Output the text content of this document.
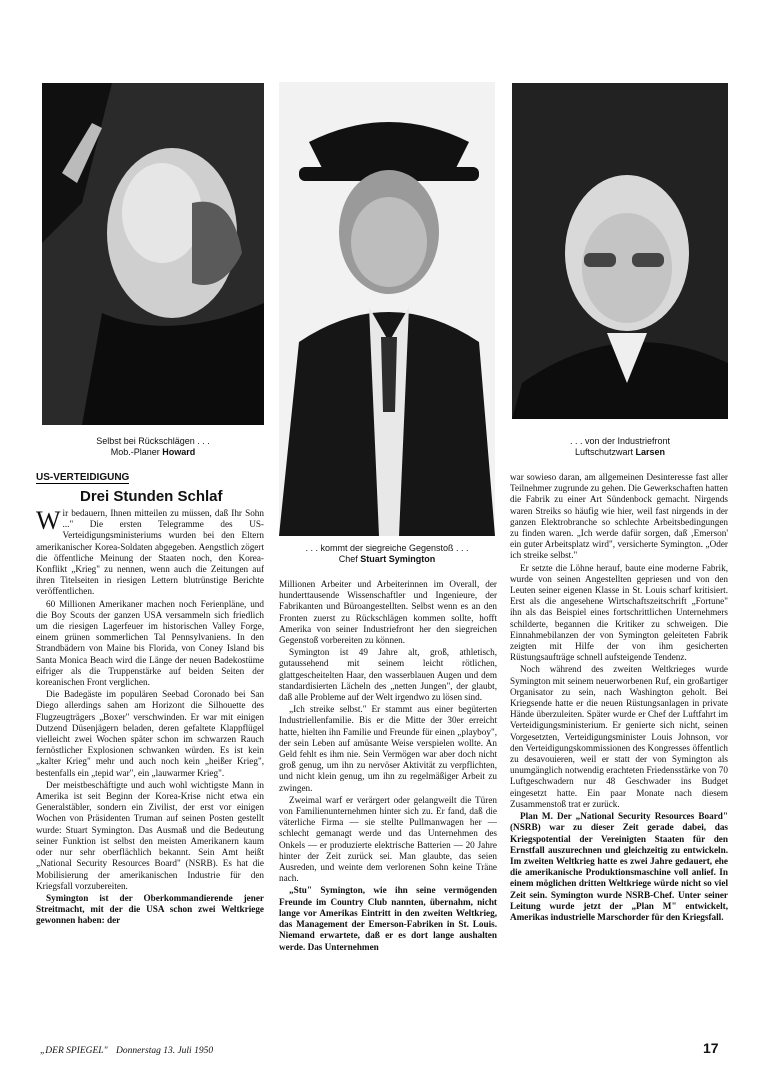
Selbst bei Rückschlägen . . .
Mob.-Planer Howard
. . . kommt der siegreiche Gegenstoß . . .
Chef Stuart Symington
. . . von der Industriefront
Luftschutzwart Larsen
US-VERTEIDIGUNG
Drei Stunden Schlaf

Wir bedauern, Ihnen mitteilen zu müssen, daß Ihr Sohn ..." Die ersten Telegramme des US-Verteidigungsministeriums wurden bei den Eltern amerikanischer Korea-Soldaten abgegeben. Aengstlich zögert die öffentliche Meinung der Staaten noch, den Korea-Konflikt „Krieg" zu nennen, wenn auch die Zeitungen auf ihren Titelseiten in riesigen Lettern blutrünstige Berichte veröffentlichen.

60 Millionen Amerikaner machen noch Ferienpläne, und die Boy Scouts der ganzen USA versammeln sich friedlich um die riesigen Lagerfeuer im historischen Valley Forge, einem grünen sommerlichen Tal Pennsylvaniens. In den Strandbädern von Maine bis Florida, von Coney Island bis Santa Monica Beach wird die Länge der neuen Badekostüme eifriger als die Truppenstärke auf beiden Seiten der koreanischen Front verglichen.

Die Badegäste im populären Seebad Coronado bei San Diego allerdings sahen am Horizont die Silhouette des Flugzeugträgers „Boxer" verschwinden. Er war mit einigen Dutzend Düsenjägern beladen, deren gefaltete Klappflügel vielleicht zwei Wochen später schon im schwarzen Rauch fernöstlicher Explosionen schwanken würden. Es ist kein „kalter Krieg" mehr und auch noch kein „heißer Krieg", bestenfalls ein „tepid war", ein „lauwarmer Krieg".

Der meistbeschäftigte und auch wohl wichtigste Mann in Amerika ist seit Beginn der Korea-Krise nicht etwa ein Generalstäbler, sondern ein Zivilist, der erst vor einigen Wochen von Präsidenten Truman auf seinen Posten gestellt wurde: Stuart Symington. Das Ausmaß und die Bedeutung seiner Funktion ist selbst den meisten Amerikanern kaum oder nur sehr oberflächlich bekannt. Sein Amt heißt „National Security Resources Board" (NSRB). Es hat die Mobilisierung der amerikanischen Industrie für den Kriegsfall vorzubereiten.

Symington ist der Oberkommandierende jener Streitmacht, mit der die USA schon zwei Weltkriege gewonnen haben: der

Millionen Arbeiter und Arbeiterinnen im Overall, der hunderttausende Wissenschaftler und Ingenieure, der Fabrikanten und Büroangestellten. Selbst wenn es an den Fronten zuerst zu Rückschlägen kommen sollte, hofft Amerika von seiner Industriefront her den siegreichen Gegenstoß vorbereiten zu können.

Symington ist 49 Jahre alt, groß, athletisch, gutaussehend mit seinem leicht rötlichen, glattgescheitelten Haar, den wasserblauen Augen und dem standardisierten Lächeln des „netten Jungen", der glaubt, daß alle Probleme auf der Welt irgendwo zu lösen sind.

„Ich streike selbst." Er stammt aus einer begüterten Industriellenfamilie. Bis er die Mitte der 30er erreicht hatte, hielten ihn Familie und Freunde für einen „playboy", der sein Leben auf amüsante Weise verspielen wollte. An Geld fehlt es ihm nie. Sein Vermögen war aber doch nicht groß genug, um ihn zu nervöser Aktivität zu verpflichten, und nicht klein genug, um ihn zu regelmäßiger Arbeit zu zwingen.

Zweimal warf er verärgert oder gelangweilt die Türen von Familienunternehmen hinter sich zu. Er fand, daß die väterliche Firma — sie stellte Pullmanwagen her — schlecht gemanagt werde und das Unternehmen des Onkels — er produzierte elektrische Batterien — 20 Jahre hinter der Zeit zurück sei. Man glaubte, das seien Ausreden, und weinte dem verlorenen Sohn keine Träne nach.

„Stu" Symington, wie ihn seine vermögenden Freunde im Country Club nannten, übernahm, nicht lange vor Amerikas Eintritt in den zweiten Weltkrieg, das Management der Emerson-Fabriken in St. Louis. Niemand erwartete, daß er es dort lange aushalten werde. Das Unternehmen

war sowieso daran, am allgemeinen Desinteresse fast aller Teilnehmer zugrunde zu gehen. Die Gewerkschaften hatten die Fabrik zu einer Art Sündenbock gemacht. Nirgends waren Streiks so häufig wie hier, weil fast nirgends in der ganzen Elektrobranche so schlechte Arbeitsbedingungen zu finden waren. „Ich werde dafür sorgen, daß ‚Emerson' ein guter Arbeitsplatz wird", versicherte Symington. „Oder ich streike selbst."

Er setzte die Löhne herauf, baute eine moderne Fabrik, wurde von seinen Angestellten gepriesen und von den Leuten seiner eigenen Klasse in St. Louis scharf kritisiert. Erst als die angesehene Wirtschaftszeitschrift „Fortune" ihn als das Beispiel eines fortschrittlichen Unternehmers schilderte, begannen die Kritiker zu schweigen. Die Einnahmebilanzen der von Symington geleiteten Fabrik zeigten mit Hilfe der von ihm gesicherten Rüstungsaufträge schnell aufsteigende Tendenz.

Noch während des zweiten Weltkrieges wurde Symington mit seinem neuerworbenen Ruf, ein großartiger Organisator zu sein, nach Washington geholt. Bei Kriegsende hatte er die neuen Rüstungsanlagen in private Hände überzuleiten. Später wurde er Chef der Luftfahrt im Verteidigungsministerium. Er genierte sich nicht, seinen Vorgesetzten, Verteidigungsminister Louis Johnson, vor den Verteidigungskommissionen des Kongresses öffentlich zu desavouieren, weil er statt der von Symington als unumgänglich notwendig erachteten Friedensstärke von 70 Luftgeschwadern nur 48 Geschwader ins Budget eingesetzt hatte. Ein paar Monate nach diesem Zusammenstoß trat er zurück.

Plan M. Der „National Security Resources Board" (NSRB) war zu dieser Zeit gerade dabei, das Kriegspotential der Vereinigten Staaten für den Ernstfall auszurechnen und gleichzeitig zu entwickeln. Im zweiten Weltkrieg hatte es zwei Jahre gedauert, ehe die amerikanische Produktionsmaschine voll anlief. In einem möglichen dritten Weltkriege würde nicht so viel Zeit sein. Symington wurde NSRB-Chef. Unter seiner Leitung wurde jetzt der „Plan M" entwickelt, Amerikas industrielle Marschorder für den Kriegsfall.

„DER SPIEGEL" Donnerstag 13. Juli 1950	17
